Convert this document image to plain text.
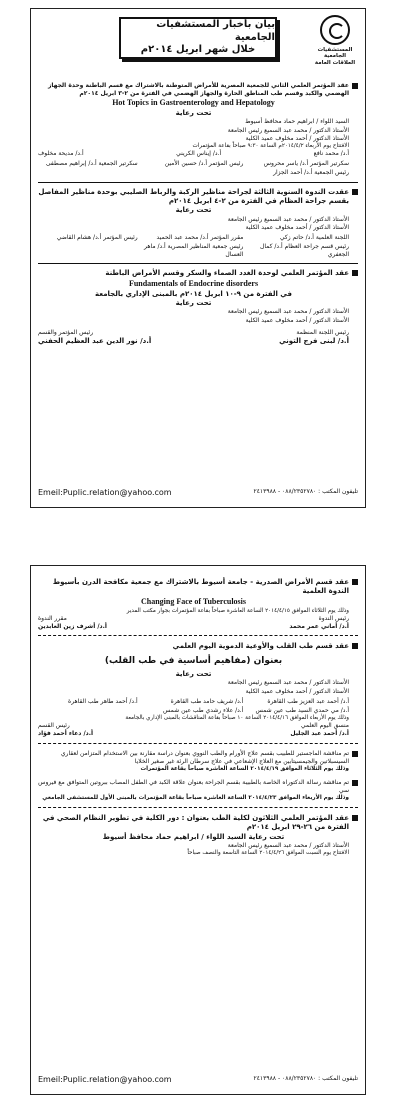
المستشفيات الجامعية
العلاقات العامة
بيان بأخبار المستشفيات الجامعية
خلال شهر ابريل ٢٠١٤م
عقد المؤتمر العلمي الثاني للجمعية المصرية للأمراض المتوطنة بالاشتراك مع قسم الباطنة وحدة الجهاز الهضمي والكبد وقسم طب المناطق الحارة والجهاز الهضمي في الفترة من ٢-٣ ابريل ٢٠١٤م
Hot Topics in Gastroenterology and Hepatology
تحت رعاية
السيد اللواء / ابراهيم حماد محافظ أسيوط
الأستاذ الدكتور / محمد عبد السميع رئيس الجامعة
الأستاذ الدكتور / أحمد مخلوف عميد الكلية
الافتتاح يوم الأربعاء ٢٠١٤/٤/٢م الساعة ٩:٣٠ صباحاً بقاعة المؤتمرات
أ.د/ محمد نافع
أ.د/ إيناس الكريني
أ.د/ مديحة مخلوف
سكرتير المؤتمر أ.د/ ياسر محروس
رئيس المؤتمر أ.د/ حسين الأمين
سكرتير الجمعية أ.د/ إبراهيم مصطفى
رئيس الجمعية أ.د/ أحمد الجزار
عقدت الندوة السنوية الثالثة لجراحة مناظير الركبة والرباط الصليبي بوحدة مناظير المفاصل بقسم جراحة العظام في الفترة من ٢-٤ ابريل ٢٠١٤م
تحت رعاية
الأستاذ الدكتور / محمد عبد السميع رئيس الجامعة
الأستاذ الدكتور / أحمد مخلوف عميد الكلية
اللجنة العلمية أ.د/ حاتم زكي
مقرر المؤتمر أ.د/ محمد عبد الحميد
رئيس المؤتمر أ.د/ هشام القاضي
رئيس قسم جراحة العظام أ.د/ كمال الجعفري
رئيس جمعية المناظير المصرية أ.د/ ماهر العسال
عقد المؤتمر العلمي لوحدة الغدد الصماء والسكر وقسم الأمراض الباطنة
Fundamentals of Endocrine disorders
في الفترة من ٩-١٠ ابريل ٢٠١٤م بالمبنى الإداري بالجامعة
تحت رعاية
الأستاذ الدكتور / محمد عبد السميع رئيس الجامعة
الأستاذ الدكتور / أحمد مخلوف عميد الكلية
رئيس اللجنة المنظمة
رئيس المؤتمر والقسم
أ.د/ لبنى فرج التوني
أ.د/ نور الدين عبد العظيم الحفني
Emeil:Puplic.relation@yahoo.com	تليفون المكتب : ٠٨٨/٢٣٥٢٧٨٠ - ٢٤١٣٩٨٨
عقد قسم الأمراض الصدرية - جامعة أسيوط بالاشتراك مع جمعية مكافحة الدرن بأسيوط الندوة العلمية
Changing Face of Tuberculosis
وذلك يوم الثلاثاء الموافق ٢٠١٤/٤/١٥ الساعة العاشرة صباحاً بقاعة المؤتمرات بجوار مكتب المدير
رئيس الندوة
مقرر الندوة
أ.د/ أماني عمر محمد
أ.د/ أشرف زين العابدين
عقد قسم طب القلب والأوعية الدموية اليوم العلمي
بعنوان (مفاهيم أساسية في طب القلب)
تحت رعاية
الأستاذ الدكتور / محمد عبد السميع رئيس الجامعة
الأستاذ الدكتور / أحمد مخلوف عميد الكلية
أ.د/ أحمد عبد العزيز طب القاهرة
أ.د/ شريف حامد طب القاهرة
أ.د/ أحمد طاهر طب القاهرة
أ.د/ مي حمدي السيد طب عين شمس
أ.د/ علاء رشدي طب عين شمس
وذلك يوم الأربعاء الموافق ٢٠١٤/٤/١٦ الساعة ١٠ صباحاً بقاعة المناقشات بالمبنى الإداري بالجامعة
منسق اليوم العلمي
رئيس القسم
أ.د/ أحمد عبد الجليل
أ.د/ دعاء أحمد فؤاد
تم مناقشة الماجستير للطبيب بقسم علاج الأورام والطب النووي بعنوان دراسة مقارنة بين الاستخدام المتزامن لعقاري السيسبلاتين والجيمسيتابين مع العلاج الإشعاعي في علاج سرطان الرئة غير صغير الخلايا
وذلك يوم الثلاثاء الموافق ٢٠١٤/٤/١٩ الساعة العاشرة صباحاً بقاعة المؤتمرات
تم مناقشة رسالة الدكتوراه الخاصة بالطبيبة بقسم الجراحة بعنوان علاقة الكبد في الطفل المصاب ببروتين المتوافق مع فيروس سي
وذلك يوم الأربعاء الموافق ٢٠١٤/٤/٢٣ الساعة العاشرة صباحاً بقاعة المؤتمرات بالمبنى الأول للمستشفى الجامعي
عقد المؤتمر العلمي الثلاثون لكلية الطب بعنوان : دور الكلية في تطوير النظام الصحي في الفترة من ٢٦-٢٩ ابريل ٢٠١٤م
تحت رعاية السيد اللواء / ابراهيم حماد محافظ أسيوط
الأستاذ الدكتور / محمد عبد السميع رئيس الجامعة
الافتتاح يوم السبت الموافق ٢٠١٤/٤/٢٦ الساعة التاسعة والنصف صباحاً
Emeil:Puplic.relation@yahoo.com	تليفون المكتب : ٠٨٨/٢٣٥٢٧٨٠ - ٢٤١٣٩٨٨
